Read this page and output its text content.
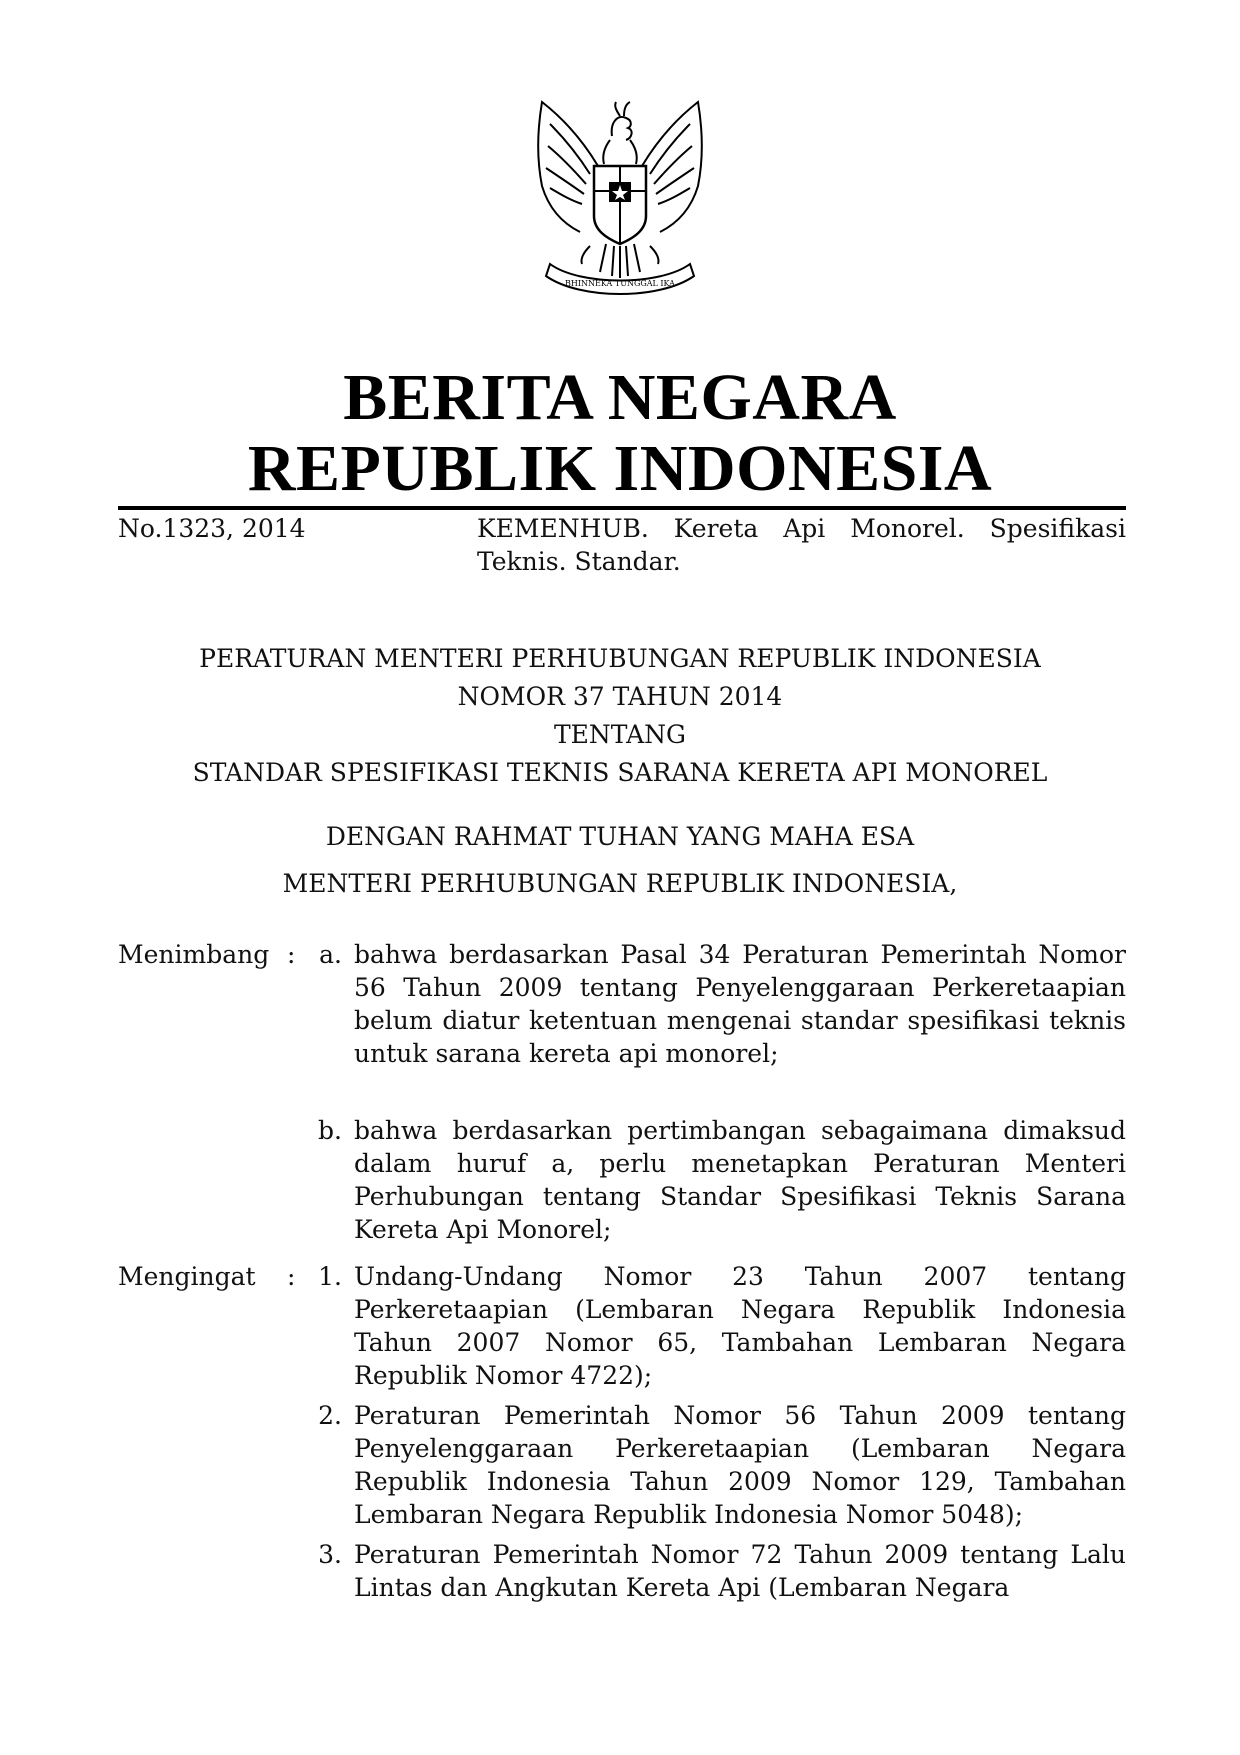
BHINNEKA TUNGGAL IKA
BERITA NEGARA
REPUBLIK INDONESIA
No.1323, 2014	KEMENHUB. Kereta Api Monorel. Spesifikasi
Teknis. Standar.
PERATURAN MENTERI PERHUBUNGAN REPUBLIK INDONESIA
NOMOR 37 TAHUN 2014
TENTANG
STANDAR SPESIFIKASI TEKNIS SARANA KERETA API MONOREL
DENGAN RAHMAT TUHAN YANG MAHA ESA
MENTERI PERHUBUNGAN REPUBLIK INDONESIA,
Menimbang : a. bahwa berdasarkan Pasal 34 Peraturan Pemerintah Nomor 56 Tahun 2009 tentang Penyelenggaraan Perkeretaapian belum diatur ketentuan mengenai standar spesifikasi teknis untuk sarana kereta api monorel;
b. bahwa berdasarkan pertimbangan sebagaimana dimaksud dalam huruf a, perlu menetapkan Peraturan Menteri Perhubungan tentang Standar Spesifikasi Teknis Sarana Kereta Api Monorel;
Mengingat : 1. Undang-Undang Nomor 23 Tahun 2007 tentang Perkeretaapian (Lembaran Negara Republik Indonesia Tahun 2007 Nomor 65, Tambahan Lembaran Negara Republik Nomor 4722);
2. Peraturan Pemerintah Nomor 56 Tahun 2009 tentang Penyelenggaraan Perkeretaapian (Lembaran Negara Republik Indonesia Tahun 2009 Nomor 129, Tambahan Lembaran Negara Republik Indonesia Nomor 5048);
3. Peraturan Pemerintah Nomor 72 Tahun 2009 tentang Lalu Lintas dan Angkutan Kereta Api (Lembaran Negara
